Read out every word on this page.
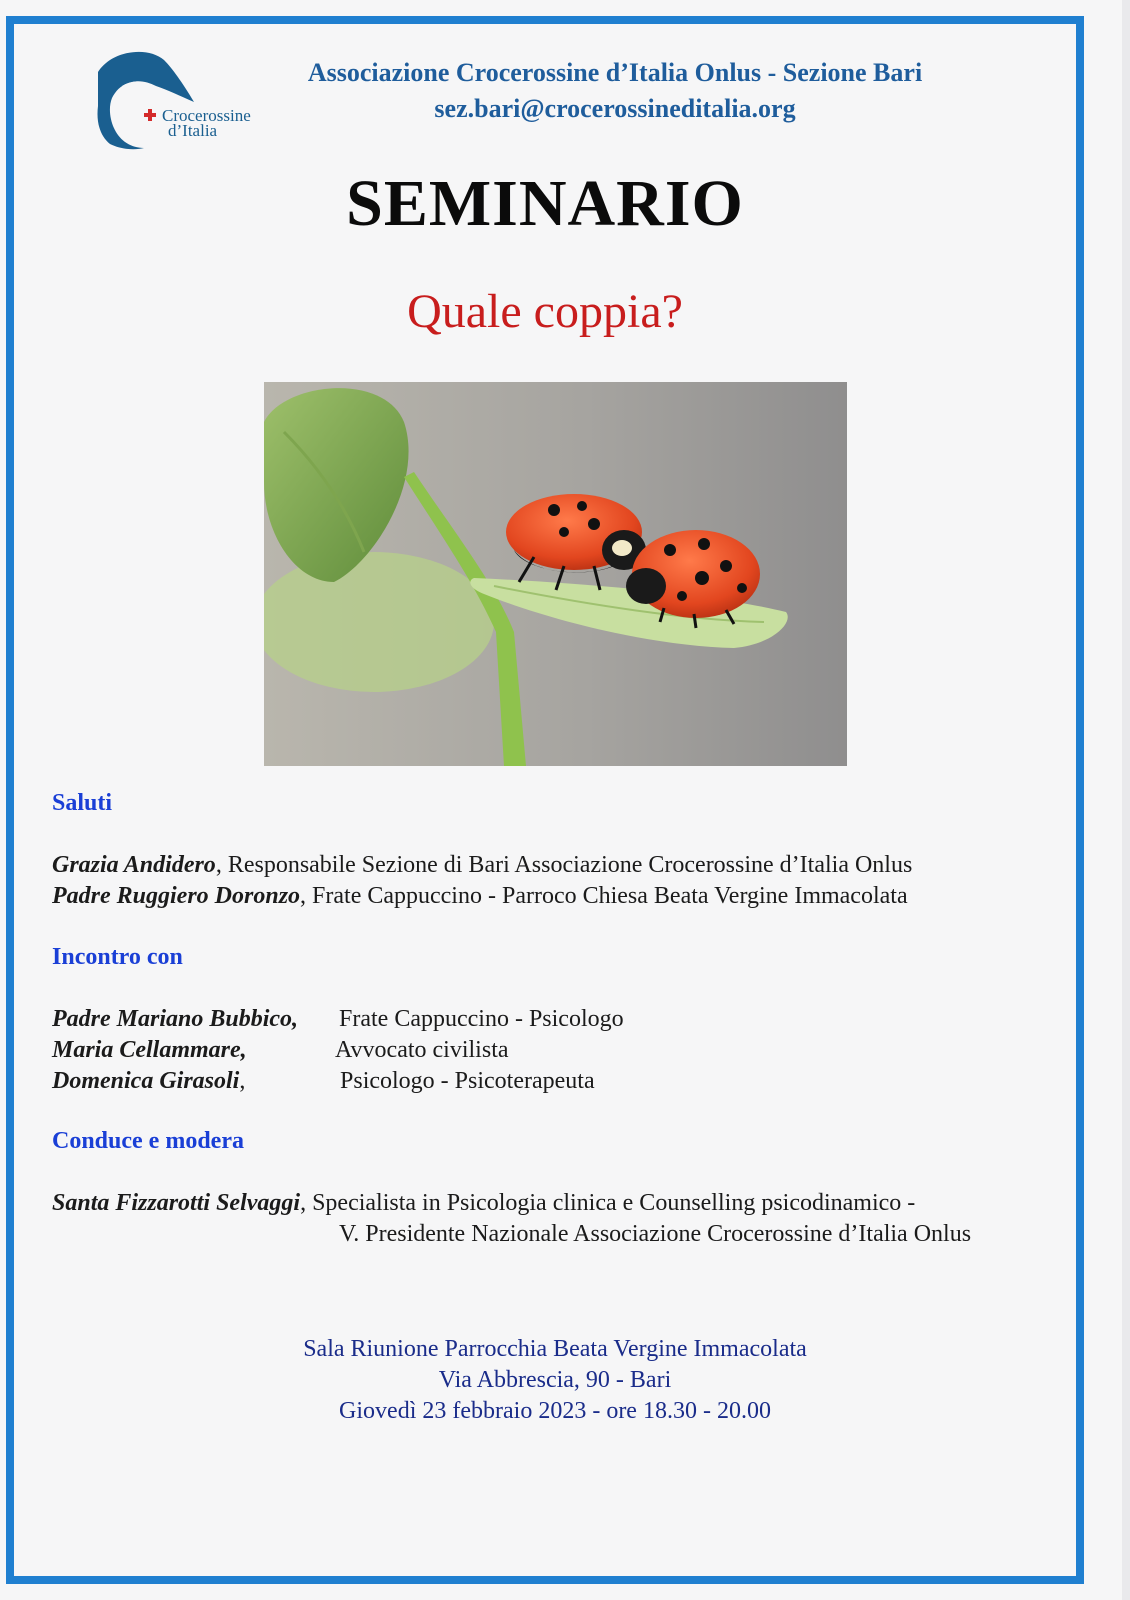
Crocerossine
d’Italia
Associazione Crocerossine d’Italia Onlus - Sezione Bari
sez.bari@crocerossineditalia.org
SEMINARIO
Quale coppia?
Saluti
Grazia Andidero, Responsabile Sezione di Bari Associazione Crocerossine d’Italia Onlus
Padre Ruggiero Doronzo, Frate Cappuccino - Parroco Chiesa Beata Vergine Immacolata
Incontro con
Padre Mariano Bubbico, Frate Cappuccino - Psicologo
Maria Cellammare,	Avvocato civilista
Domenica Girasoli,	Psicologo - Psicoterapeuta
Conduce e modera
Santa Fizzarotti Selvaggi, Specialista in Psicologia clinica e Counselling psicodinamico -
V. Presidente Nazionale Associazione Crocerossine d’Italia Onlus
Sala Riunione Parrocchia Beata Vergine Immacolata
Via Abbrescia, 90 - Bari
Giovedì 23 febbraio 2023 - ore 18.30 - 20.00
